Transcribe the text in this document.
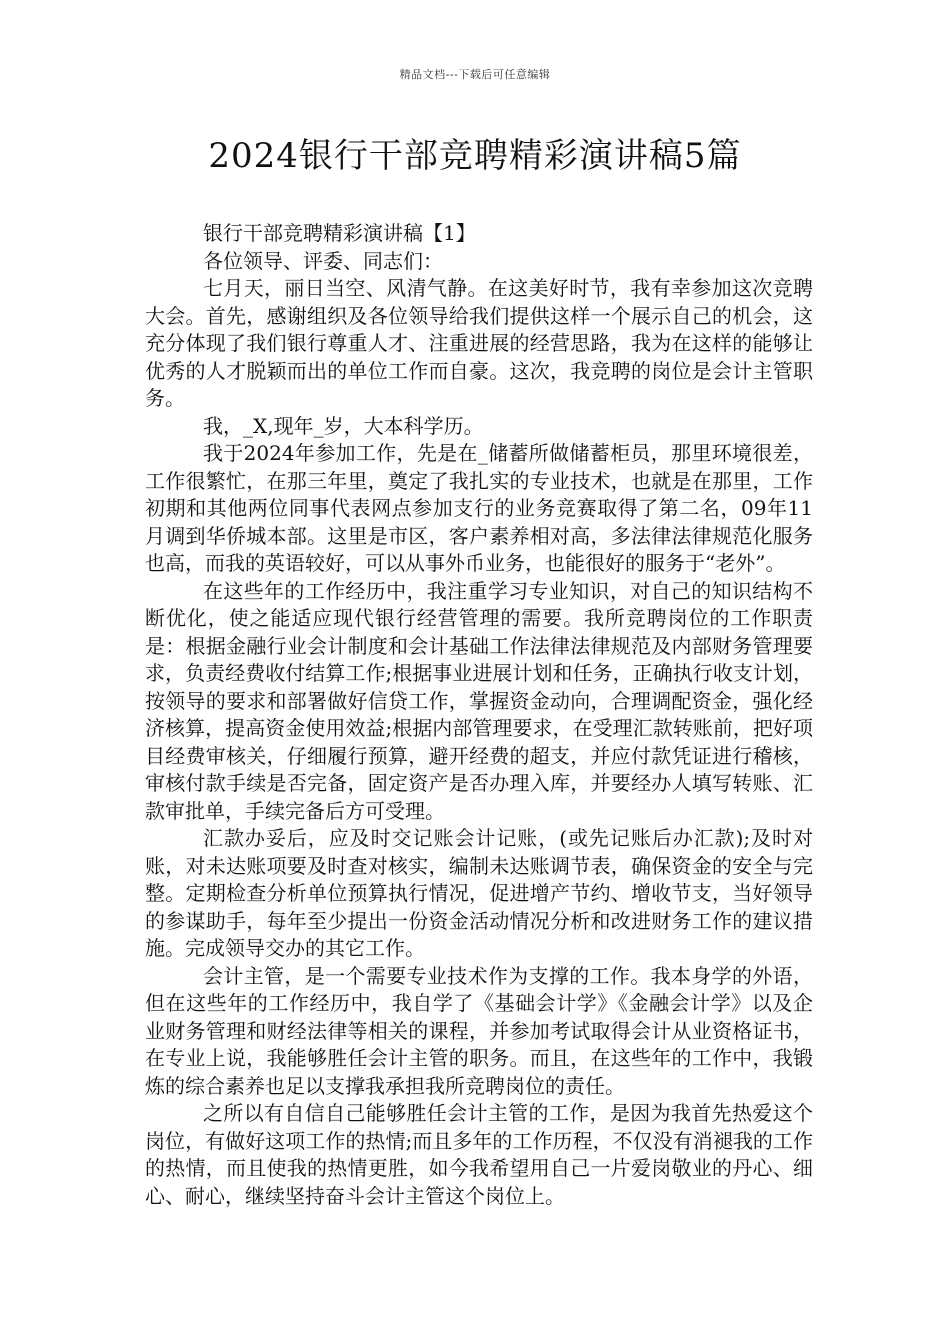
精品文档---下载后可任意编辑
2024银行干部竞聘精彩演讲稿5篇

银行干部竞聘精彩演讲稿【1】

各位领导、评委、同志们：

七月天，丽日当空、风清气静。在这美好时节，我有幸参加这次竞聘大会。首先，感谢组织及各位领导给我们提供这样一个展示自己的机会，这充分体现了我们银行尊重人才、注重进展的经营思路，我为在这样的能够让优秀的人才脱颖而出的单位工作而自豪。这次，我竞聘的岗位是会计主管职务。

我，_X,现年_岁，大本科学历。

我于2024年参加工作，先是在_储蓄所做储蓄柜员，那里环境很差，工作很繁忙，在那三年里，奠定了我扎实的专业技术，也就是在那里，工作初期和其他两位同事代表网点参加支行的业务竞赛取得了第二名，09年11月调到华侨城本部。这里是市区，客户素养相对高，多法律法律规范化服务也高，而我的英语较好，可以从事外币业务，也能很好的服务于“老外”。

在这些年的工作经历中，我注重学习专业知识，对自己的知识结构不断优化，使之能适应现代银行经营管理的需要。我所竞聘岗位的工作职责是：根据金融行业会计制度和会计基础工作法律法律规范及内部财务管理要求，负责经费收付结算工作;根据事业进展计划和任务，正确执行收支计划，按领导的要求和部署做好信贷工作，掌握资金动向，合理调配资金，强化经济核算，提高资金使用效益;根据内部管理要求，在受理汇款转账前，把好项目经费审核关，仔细履行预算，避开经费的超支，并应付款凭证进行稽核，审核付款手续是否完备，固定资产是否办理入库，并要经办人填写转账、汇款审批单，手续完备后方可受理。

汇款办妥后，应及时交记账会计记账，(或先记账后办汇款);及时对账，对未达账项要及时查对核实，编制未达账调节表，确保资金的安全与完整。定期检查分析单位预算执行情况，促进增产节约、增收节支，当好领导的参谋助手，每年至少提出一份资金活动情况分析和改进财务工作的建议措施。完成领导交办的其它工作。

会计主管，是一个需要专业技术作为支撑的工作。我本身学的外语，但在这些年的工作经历中，我自学了《基础会计学》《金融会计学》以及企业财务管理和财经法律等相关的课程，并参加考试取得会计从业资格证书，在专业上说，我能够胜任会计主管的职务。而且，在这些年的工作中，我锻炼的综合素养也足以支撑我承担我所竞聘岗位的责任。

之所以有自信自己能够胜任会计主管的工作，是因为我首先热爱这个岗位，有做好这项工作的热情;而且多年的工作历程，不仅没有消褪我的工作的热情，而且使我的热情更胜，如今我希望用自己一片爱岗敬业的丹心、细心、耐心，继续坚持奋斗会计主管这个岗位上。
